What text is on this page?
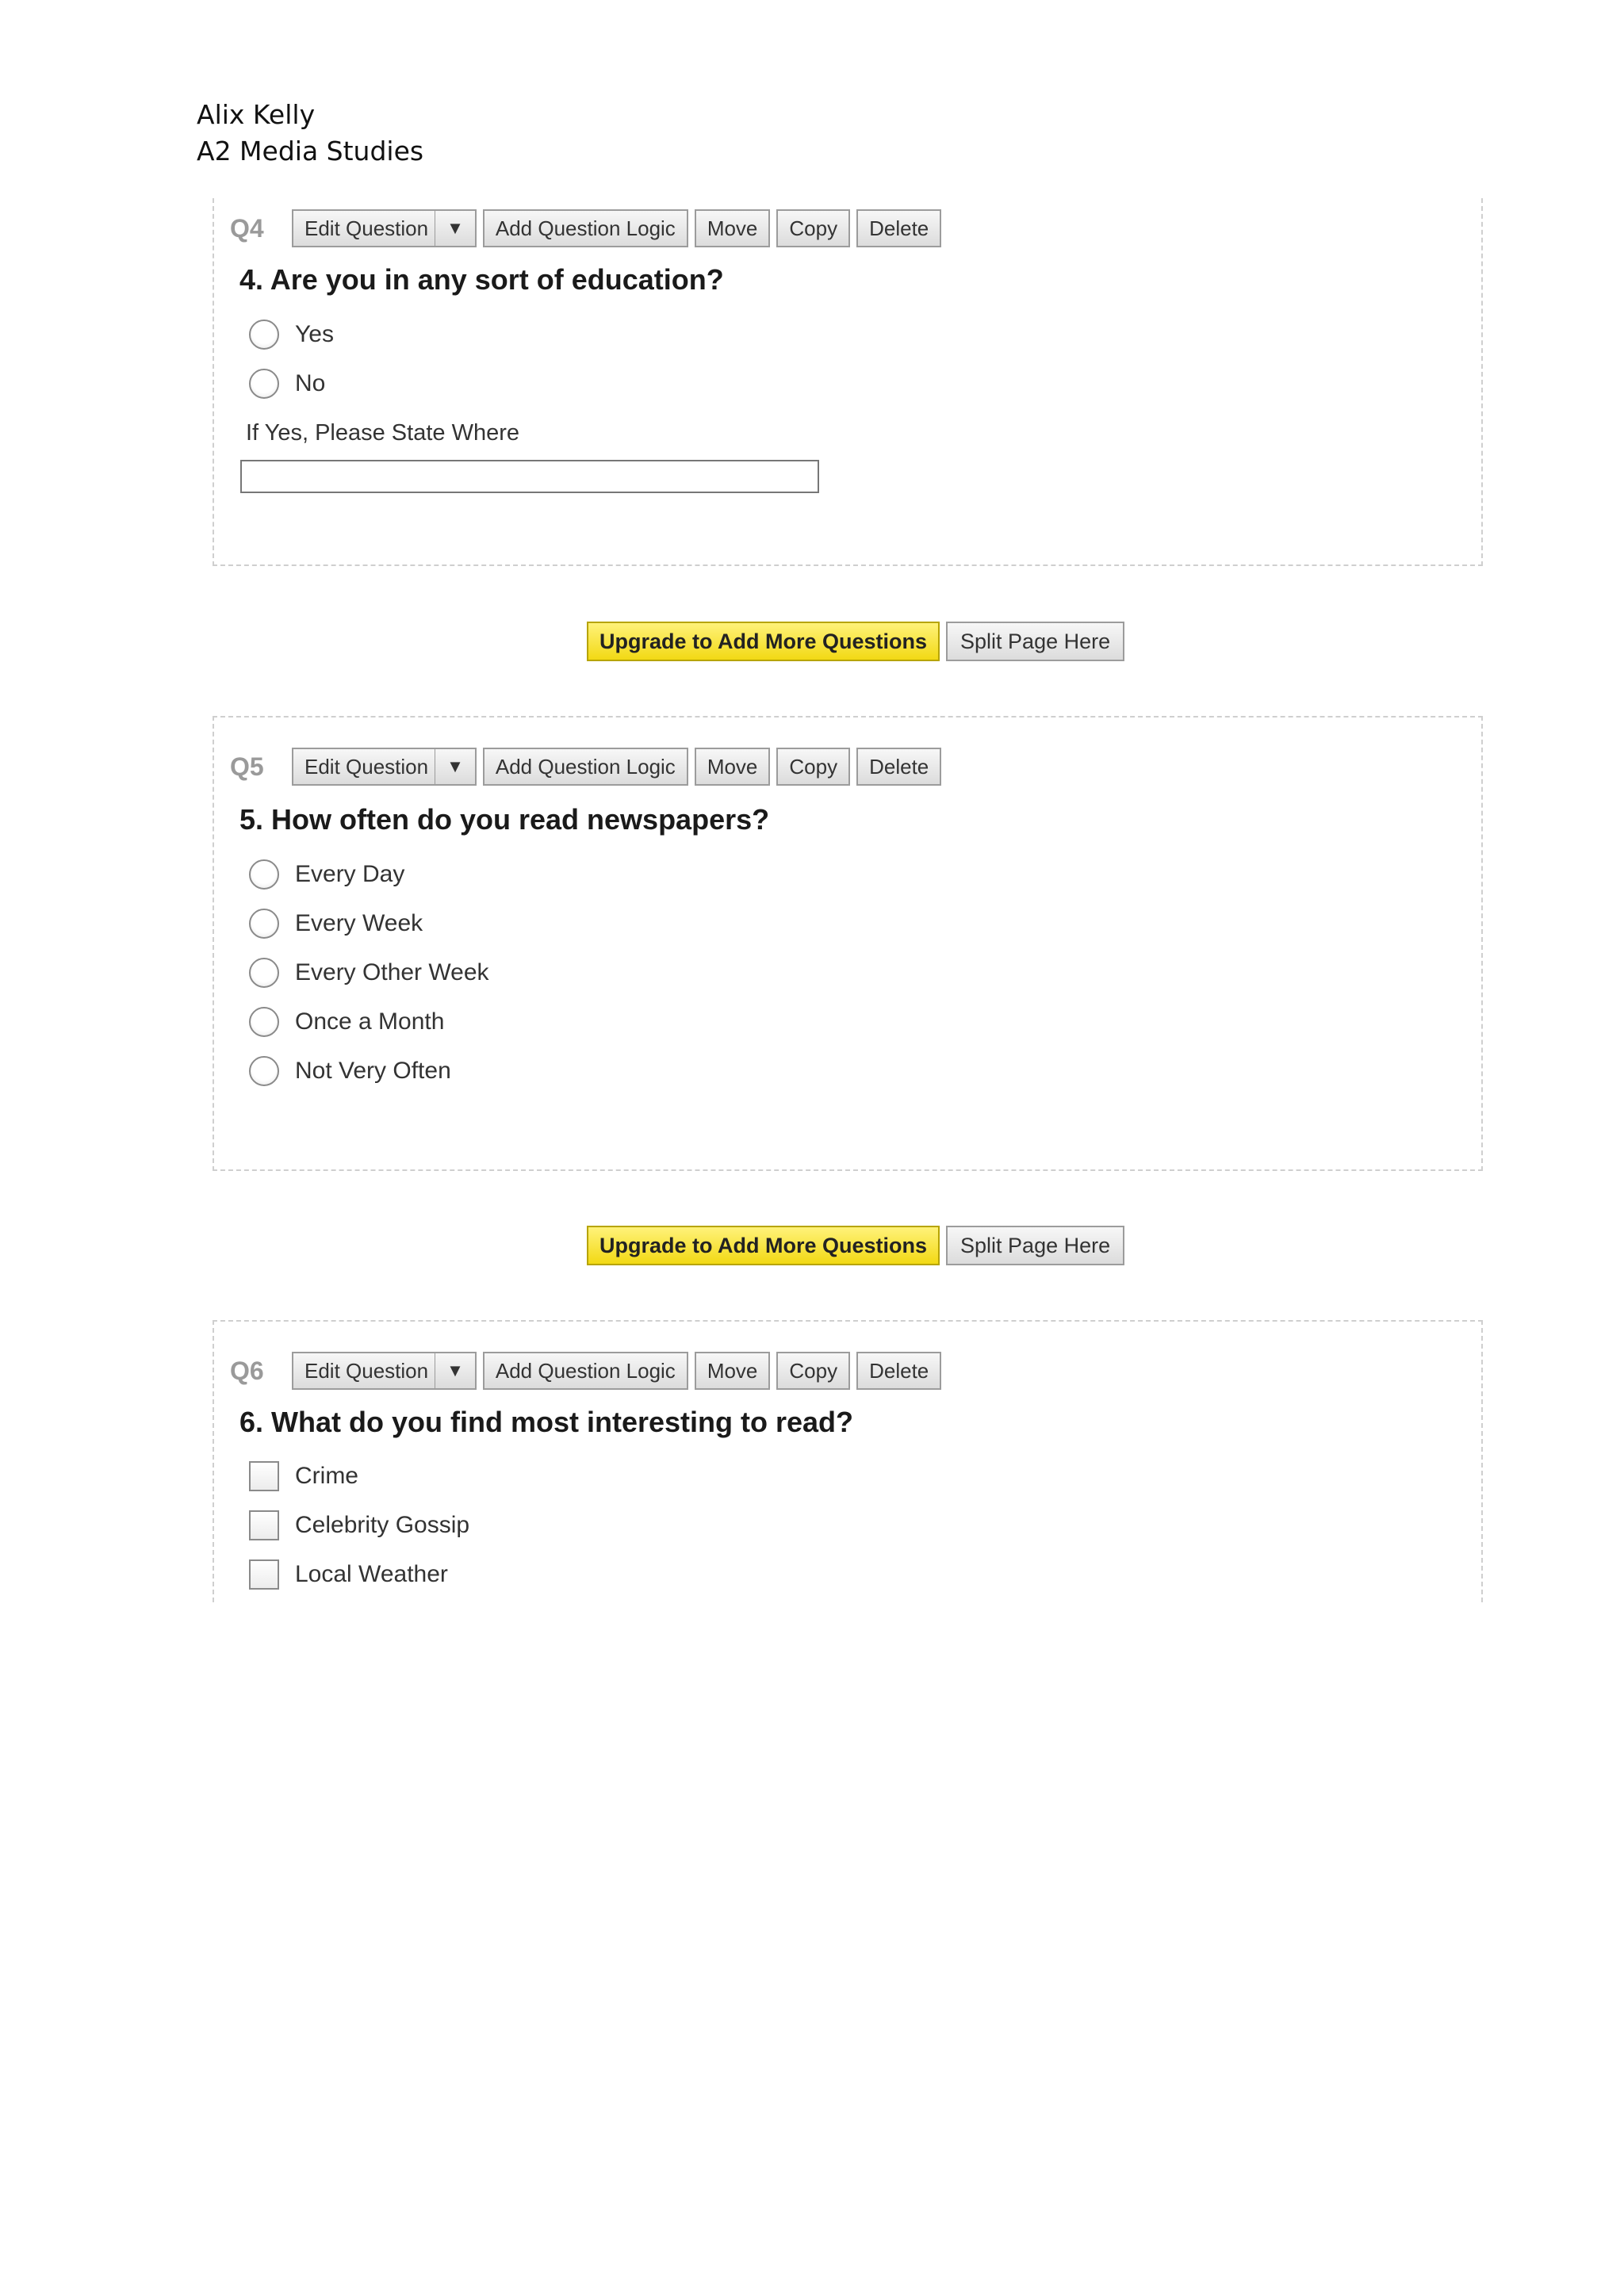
Alix Kelly
A2 Media Studies
Q4	Edit Question	▼	Add Question Logic	Move	Copy	Delete
4. Are you in any sort of education?
Yes
No
If Yes, Please State Where
Upgrade to Add More Questions	Split Page Here
Q5	Edit Question	▼	Add Question Logic	Move	Copy	Delete
5. How often do you read newspapers?
Every Day
Every Week
Every Other Week
Once a Month
Not Very Often
Upgrade to Add More Questions	Split Page Here
Q6	Edit Question	▼	Add Question Logic	Move	Copy	Delete
6. What do you find most interesting to read?
Crime
Celebrity Gossip
Local Weather
